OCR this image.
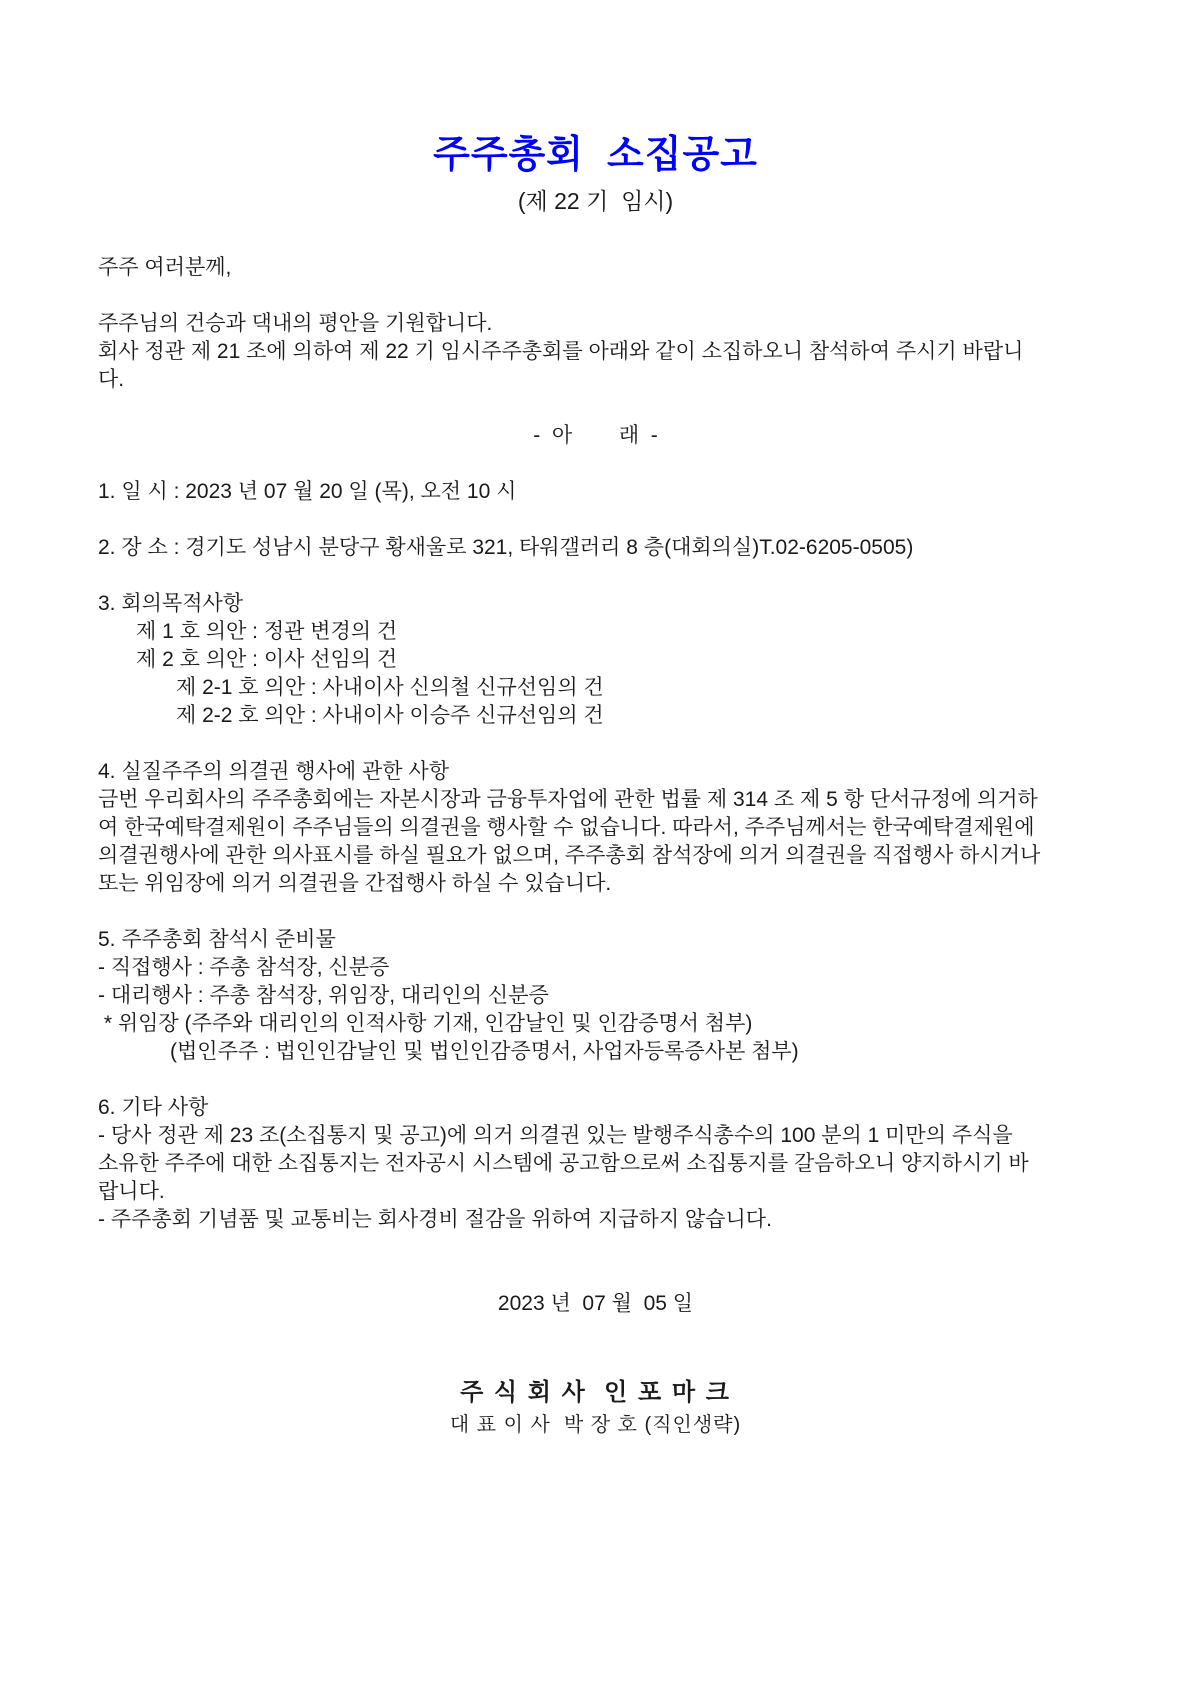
주주총회  소집공고
(제 22 기  임시)
주주 여러분께,
주주님의 건승과 댁내의 평안을 기원합니다.
회사 정관 제 21 조에 의하여 제 22 기 임시주주총회를 아래와 같이 소집하오니 참석하여 주시기 바랍니
다.
-  아        래  -
1. 일 시 : 2023 년 07 월 20 일 (목), 오전 10 시
2. 장 소 : 경기도 성남시 분당구 황새울로 321, 타워갤러리 8 층(대회의실)T.02-6205-0505)
3. 회의목적사항
제 1 호 의안 : 정관 변경의 건
제 2 호 의안 : 이사 선임의 건
제 2-1 호 의안 : 사내이사 신의철 신규선임의 건
제 2-2 호 의안 : 사내이사 이승주 신규선임의 건
4. 실질주주의 의결권 행사에 관한 사항
금번 우리회사의 주주총회에는 자본시장과 금융투자업에 관한 법률 제 314 조 제 5 항 단서규정에 의거하
여 한국예탁결제원이 주주님들의 의결권을 행사할 수 없습니다. 따라서, 주주님께서는 한국예탁결제원에
의결권행사에 관한 의사표시를 하실 필요가 없으며, 주주총회 참석장에 의거 의결권을 직접행사 하시거나
또는 위임장에 의거 의결권을 간접행사 하실 수 있습니다.
5. 주주총회 참석시 준비물
- 직접행사 : 주총 참석장, 신분증
- 대리행사 : 주총 참석장, 위임장, 대리인의 신분증
* 위임장 (주주와 대리인의 인적사항 기재, 인감날인 및 인감증명서 첨부)
(법인주주 : 법인인감날인 및 법인인감증명서, 사업자등록증사본 첨부)
6. 기타 사항
- 당사 정관 제 23 조(소집통지 및 공고)에 의거 의결권 있는 발행주식총수의 100 분의 1 미만의 주식을
소유한 주주에 대한 소집통지는 전자공시 시스템에 공고함으로써 소집통지를 갈음하오니 양지하시기 바
랍니다.
- 주주총회 기념품 및 교통비는 회사경비 절감을 위하여 지급하지 않습니다.
2023 년  07 월  05 일
주 식 회 사  인 포 마 크
대 표 이 사  박 장 호 (직인생략)
